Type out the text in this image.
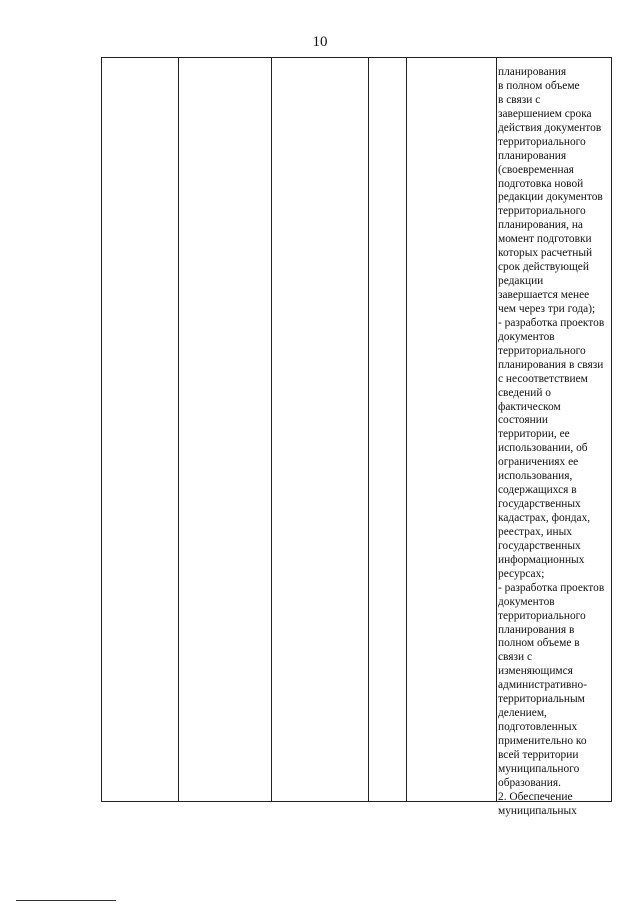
10
планирования
в полном объеме
в связи с
завершением срока
действия документов
территориального
планирования
(своевременная
подготовка новой
редакции документов
территориального
планирования, на
момент подготовки
которых расчетный
срок действующей
редакции
завершается менее
чем через три года);
- разработка проектов
документов
территориального
планирования в связи
с несоответствием
сведений о
фактическом
состоянии
территории, ее
использовании, об
ограничениях ее
использования,
содержащихся в
государственных
кадастрах, фондах,
реестрах, иных
государственных
информационных
ресурсах;
- разработка проектов
документов
территориального
планирования в
полном объеме в
связи с
изменяющимся
административно-
территориальным
делением,
подготовленных
применительно ко
всей территории
муниципального
образования.
2. Обеспечение
муниципальных
